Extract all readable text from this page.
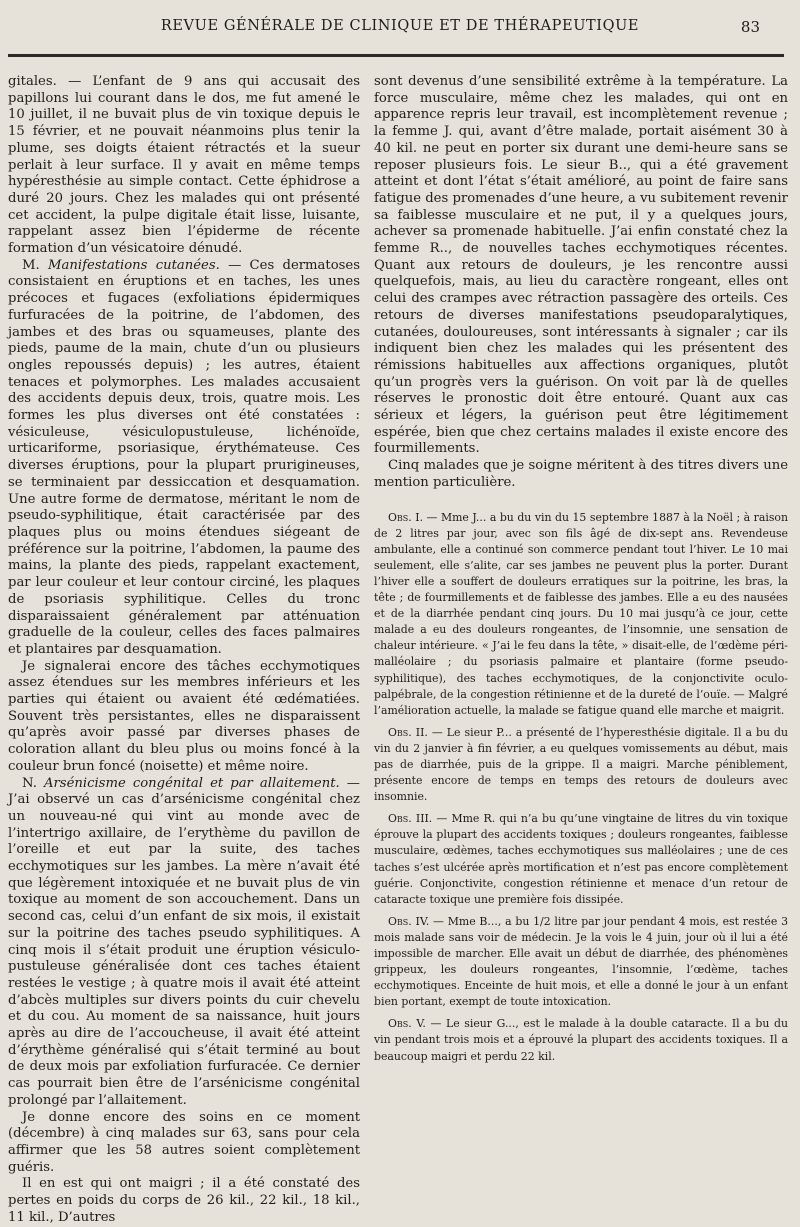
REVUE GÉNÉRALE DE CLINIQUE ET DE THÉRAPEUTIQUE	83

gitales. — L’enfant de 9 ans qui accusait des papillons lui courant dans le dos, me fut amené le 10 juillet, il ne buvait plus de vin toxique depuis le 15 février, et ne pouvait néanmoins plus tenir la plume, ses doigts étaient rétractés et la sueur perlait à leur surface. Il y avait en même temps hypéresthésie au simple contact. Cette éphidrose a duré 20 jours. Chez les malades qui ont présenté cet accident, la pulpe digitale était lisse, luisante, rappelant assez bien l’épiderme de récente formation d’un vésicatoire dénudé.

M. Manifestations cutanées. — Ces dermatoses consistaient en éruptions et en taches, les unes précoces et fugaces (exfoliations épidermiques furfuracées de la poitrine, de l’abdomen, des jambes et des bras ou squameuses, plante des pieds, paume de la main, chute d’un ou plusieurs ongles repoussés depuis) ; les autres, étaient tenaces et polymorphes. Les malades accusaient des accidents depuis deux, trois, quatre mois. Les formes les plus diverses ont été constatées : vésiculeuse, vésiculopustuleuse, lichénoïde, urticariforme, psoriasique, érythémateuse. Ces diverses éruptions, pour la plupart prurigineuses, se terminaient par dessiccation et desquamation. Une autre forme de dermatose, méritant le nom de pseudo-syphilitique, était caractérisée par des plaques plus ou moins étendues siégeant de préférence sur la poitrine, l’abdomen, la paume des mains, la plante des pieds, rappelant exactement, par leur couleur et leur contour circiné, les plaques de psoriasis syphilitique. Celles du tronc disparaissaient généralement par atténuation graduelle de la couleur, celles des faces palmaires et plantaires par desquamation.

Je signalerai encore des tâches ecchymotiques assez étendues sur les membres inférieurs et les parties qui étaient ou avaient été œdématiées. Souvent très persistantes, elles ne disparaissent qu’après avoir passé par diverses phases de coloration allant du bleu plus ou moins foncé à la couleur brun foncé (noisette) et même noire.

N. Arsénicisme congénital et par allaitement. — J’ai observé un cas d’arsénicisme congénital chez un nouveau-né qui vint au monde avec de l’intertrigo axillaire, de l’erythème du pavillon de l’oreille et eut par la suite, des taches ecchymotiques sur les jambes. La mère n’avait été que légèrement intoxiquée et ne buvait plus de vin toxique au moment de son accouchement. Dans un second cas, celui d’un enfant de six mois, il existait sur la poitrine des taches pseudo syphilitiques. A cinq mois il s’était produit une éruption vésiculo-pustuleuse généralisée dont ces taches étaient restées le vestige ; à quatre mois il avait été atteint d’abcès multiples sur divers points du cuir chevelu et du cou. Au moment de sa naissance, huit jours après au dire de l’accoucheuse, il avait été atteint d’érythème généralisé qui s’était terminé au bout de deux mois par exfoliation furfuracée. Ce dernier cas pourrait bien être de l’arsénicisme congénital prolongé par l’allaitement.

Je donne encore des soins en ce moment (décembre) à cinq malades sur 63, sans pour cela affirmer que les 58 autres soient complètement guéris.

Il en est qui ont maigri ; il a été constaté des pertes en poids du corps de 26 kil., 22 kil., 18 kil., 11 kil., D’autres

sont devenus d’une sensibilité extrême à la température. La force musculaire, même chez les malades, qui ont en apparence repris leur travail, est incomplètement revenue ; la femme J. qui, avant d’être malade, portait aisément 30 à 40 kil. ne peut en porter six durant une demi-heure sans se reposer plusieurs fois. Le sieur B.., qui a été gravement atteint et dont l’état s’était amélioré, au point de faire sans fatigue des promenades d’une heure, a vu subitement revenir sa faiblesse musculaire et ne put, il y a quelques jours, achever sa promenade habituelle. J’ai enfin constaté chez la femme R.., de nouvelles taches ecchymotiques récentes. Quant aux retours de douleurs, je les rencontre aussi quelquefois, mais, au lieu du caractère rongeant, elles ont celui des crampes avec rétraction passagère des orteils. Ces retours de diverses manifestations pseudoparalytiques, cutanées, douloureuses, sont intéressants à signaler ; car ils indiquent bien chez les malades qui les présentent des rémissions habituelles aux affections organiques, plutôt qu’un progrès vers la guérison. On voit par là de quelles réserves le pronostic doit être entouré. Quant aux cas sérieux et légers, la guérison peut être légitimement espérée, bien que chez certains malades il existe encore des fourmillements.

Cinq malades que je soigne méritent à des titres divers une mention particulière.

Obs. I. — Mme J... a bu du vin du 15 septembre 1887 à la Noël ; à raison de 2 litres par jour, avec son fils âgé de dix-sept ans. Revendeuse ambulante, elle a continué son commerce pendant tout l’hiver. Le 10 mai seulement, elle s’alite, car ses jambes ne peuvent plus la porter. Durant l’hiver elle a souffert de douleurs erratiques sur la poitrine, les bras, la tête ; de fourmillements et de faiblesse des jambes. Elle a eu des nausées et de la diarrhée pendant cinq jours. Du 10 mai jusqu’à ce jour, cette malade a eu des douleurs rongeantes, de l’insomnie, une sensation de chaleur intérieure. « J’ai le feu dans la tête, » disait-elle, de l’œdème péri-malléolaire ; du psoriasis palmaire et plantaire (forme pseudo-syphilitique), des taches ecchymotiques, de la conjonctivite oculo-palpébrale, de la congestion rétinienne et de la dureté de l’ouïe. — Malgré l’amélioration actuelle, la malade se fatigue quand elle marche et maigrit.

Obs. II. — Le sieur P... a présenté de l’hyperesthésie digitale. Il a bu du vin du 2 janvier à fin février, a eu quelques vomissements au début, mais pas de diarrhée, puis de la grippe. Il a maigri. Marche péniblement, présente encore de temps en temps des retours de douleurs avec insomnie.

Obs. III. — Mme R. qui n’a bu qu’une vingtaine de litres du vin toxique éprouve la plupart des accidents toxiques ; douleurs rongeantes, faiblesse musculaire, œdèmes, taches ecchymotiques sus malléolaires ; une de ces taches s’est ulcérée après mortification et n’est pas encore complètement guérie. Conjonctivite, congestion rétinienne et menace d’un retour de cataracte toxique une première fois dissipée.

Obs. IV. — Mme B..., a bu 1/2 litre par jour pendant 4 mois, est restée 3 mois malade sans voir de médecin. Je la vois le 4 juin, jour où il lui a été impossible de marcher. Elle avait un début de diarrhée, des phénomènes grippeux, les douleurs rongeantes, l’insomnie, l’œdème, taches ecchymotiques. Enceinte de huit mois, et elle a donné le jour à un enfant bien portant, exempt de toute intoxication.

Obs. V. — Le sieur G..., est le malade à la double cataracte. Il a bu du vin pendant trois mois et a éprouvé la plupart des accidents toxiques. Il a beaucoup maigri et perdu 22 kil.
